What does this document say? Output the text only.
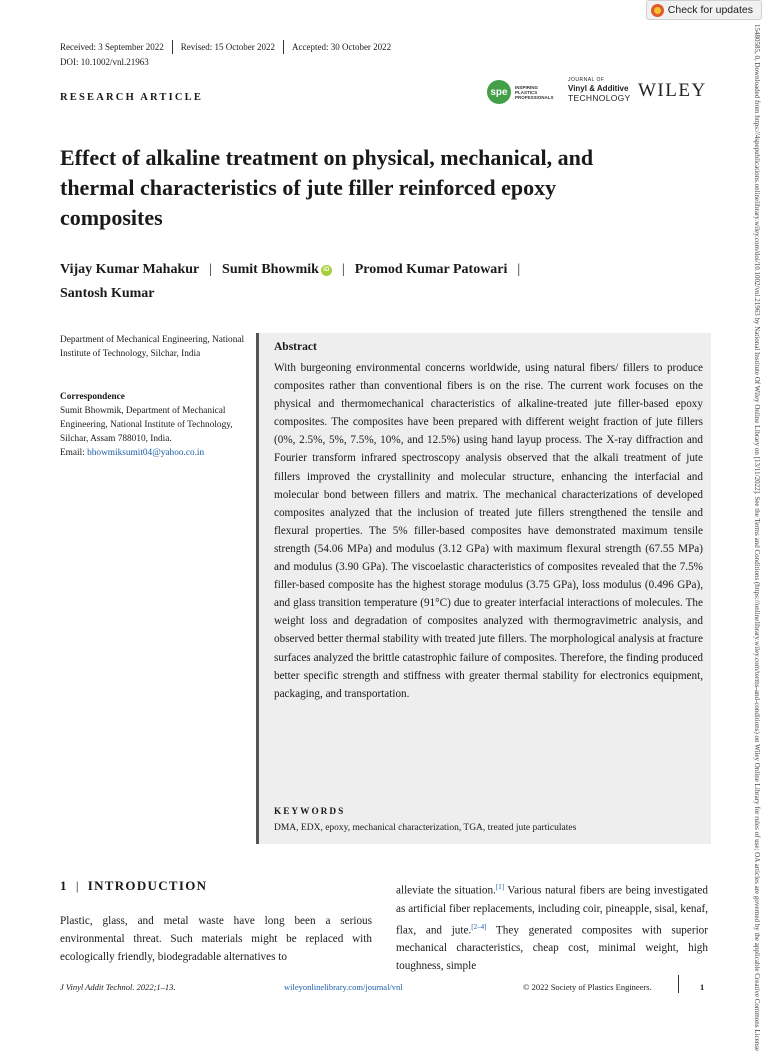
Check for updates
Received: 3 September 2022 Revised: 15 October 2022 Accepted: 30 October 2022
DOI: 10.1002/vnl.21963
RESEARCH ARTICLE	spe	INSPIRING PLASTICS PROFESSIONALS
JOURNAL OF
Vinyl & Additive
TECHNOLOGY WILEY
Effect of alkaline treatment on physical, mechanical, and thermal characteristics of jute filler reinforced epoxy composites
Vijay Kumar Mahakur | Sumit Bhowmik iD | Promod Kumar Patowari |
Santosh Kumar
Department of Mechanical Engineering, National Institute of Technology, Silchar, India
Correspondence
Sumit Bhowmik, Department of Mechanical Engineering, National Institute of Technology, Silchar, Assam 788010, India.
Email: bhowmiksumit04@yahoo.co.in
Abstract

With burgeoning environmental concerns worldwide, using natural fibers/ fillers to produce composites rather than conventional fibers is on the rise. The current work focuses on the physical and thermomechanical characteristics of alkaline-treated jute filler-based epoxy composites. The composites have been prepared with different weight fraction of jute fillers (0%, 2.5%, 5%, 7.5%, 10%, and 12.5%) using hand layup process. The X-ray diffraction and Fourier transform infrared spectroscopy analysis observed that the alkali treatment of jute fillers improved the crystallinity and molecular structure, enhancing the interfacial and molecular bond between fillers and matrix. The mechanical characterizations of developed composites analyzed that the inclusion of treated jute fillers strengthened the tensile and flexural properties. The 5% filler-based composites have demonstrated maximum tensile strength (54.06 MPa) and modulus (3.12 GPa) with maximum flexural strength (67.55 MPa) and modulus (3.90 GPa). The viscoelastic characteristics of composites revealed that the 7.5% filler-based composite has the highest storage modulus (3.75 GPa), loss modulus (0.496 GPa), and glass transition temperature (91°C) due to greater interfacial interactions of molecules. The weight loss and degradation of composites analyzed with thermogravimetric analysis, and observed better thermal stability with treated jute fillers. The morphological analysis at fracture surfaces analyzed the brittle catastrophic failure of composites. Therefore, the finding produced better specific strength and stiffness with greater thermal stability for electronics equipment, packaging, and transportation.

KEYWORDS
DMA, EDX, epoxy, mechanical characterization, TGA, treated jute particulates
1 | INTRODUCTION

Plastic, glass, and metal waste have long been a serious environmental threat. Such materials might be replaced with ecologically friendly, biodegradable alternatives to

alleviate the situation.[1] Various natural fibers are being investigated as artificial fiber replacements, including coir, pineapple, sisal, kenaf, flax, and jute.[2–4] They generated composites with superior mechanical characteristics, cheap cost, minimal weight, high toughness, simple

J Vinyl Addit Technol. 2022;1–13.	wileyonlinelibrary.com/journal/vnl	© 2022 Society of Plastics Engineers.	1	15480585, 0, Downloaded from https://4spepublications.onlinelibrary.wiley.com/doi/10.1002/vnl.21963 by National Institute Of Wiley Online Library on [13/11/2022]. See the Terms and Conditions (https://onlinelibrary.wiley.com/terms-and-conditions) on Wiley Online Library for rules of use; OA articles are governed by the applicable Creative Commons License
